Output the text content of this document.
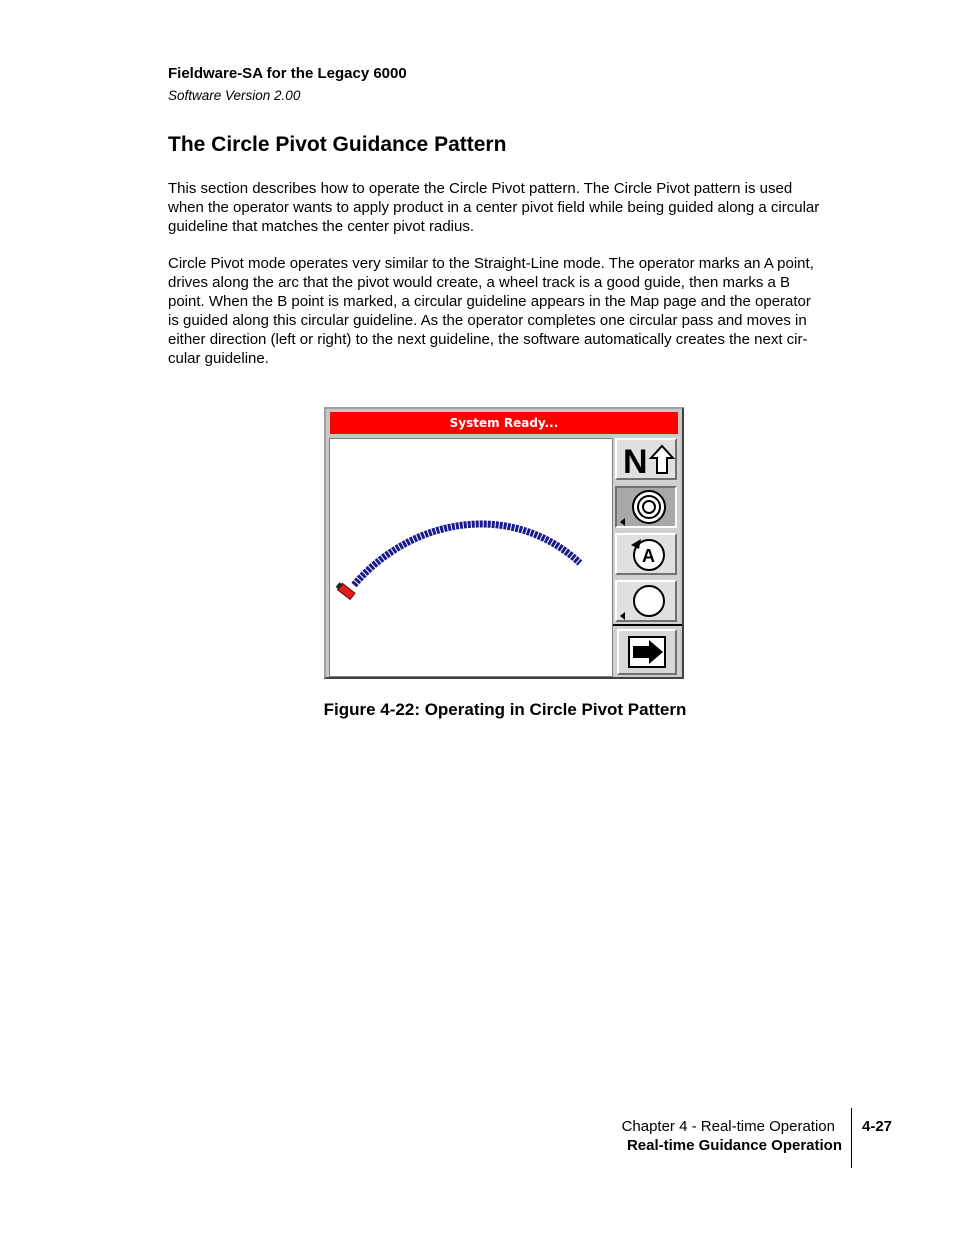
Fieldware-SA for the Legacy 6000
Software Version 2.00
The Circle Pivot Guidance Pattern

This section describes how to operate the Circle Pivot pattern. The Circle Pivot pattern is used
when the operator wants to apply product in a center pivot field while being guided along a circular
guideline that matches the center pivot radius.

Circle Pivot mode operates very similar to the Straight-Line mode. The operator marks an A point,
drives along the arc that the pivot would create, a wheel track is a good guide, then marks a B
point. When the B point is marked, a circular guideline appears in the Map page and the operator
is guided along this circular guideline. As the operator completes one circular pass and moves in
either direction (left or right) to the next guideline, the software automatically creates the next cir-
cular guideline.

System Ready...
N
A

Figure 4-22: Operating in Circle Pivot Pattern

Chapter 4 - Real-time Operation
Real-time Guidance Operation
4-27
